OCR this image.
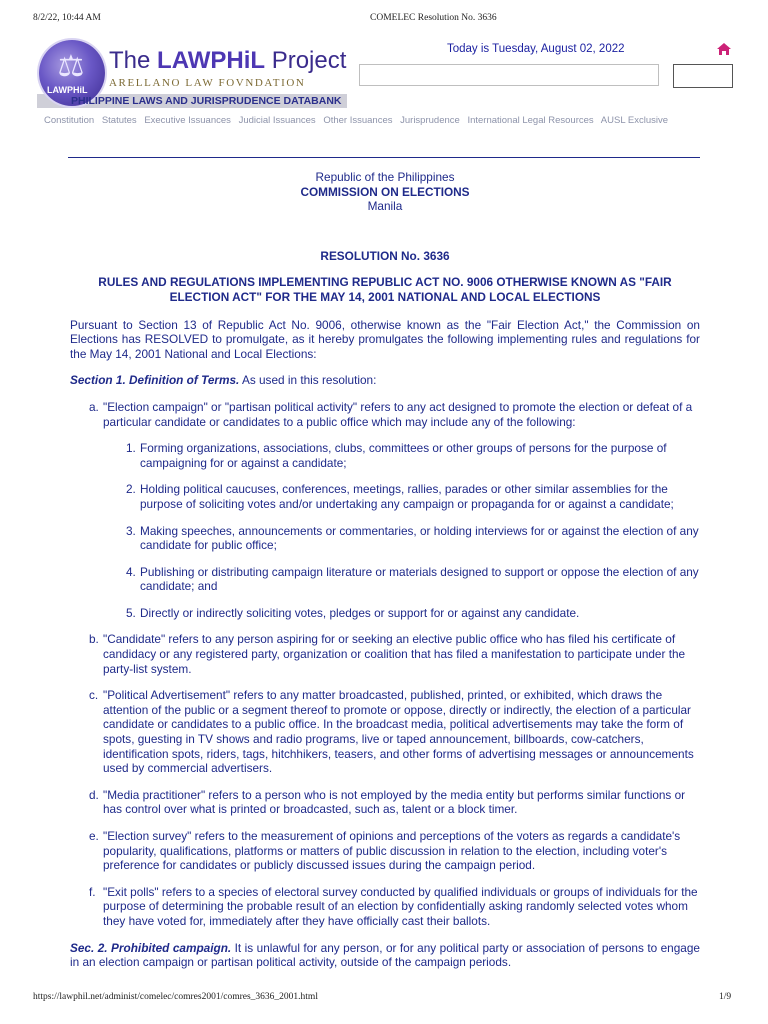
8/2/22, 10:44 AM	COMELEC Resolution No. 3636
⚖
LAWPHiL
The LAWPHiL Project
ARELLANO LAW FOVNDATION
PHILIPPINE LAWS AND JURISPRUDENCE DATABANK
Today is Tuesday, August 02, 2022
Constitution Statutes Executive Issuances Judicial Issuances Other Issuances Jurisprudence International Legal Resources AUSL Exclusive
Republic of the Philippines
COMMISSION ON ELECTIONS
Manila
RESOLUTION No. 3636
RULES AND REGULATIONS IMPLEMENTING REPUBLIC ACT NO. 9006 OTHERWISE KNOWN AS "FAIR ELECTION ACT" FOR THE MAY 14, 2001 NATIONAL AND LOCAL ELECTIONS
Pursuant to Section 13 of Republic Act No. 9006, otherwise known as the "Fair Election Act," the Commission on Elections has RESOLVED to promulgate, as it hereby promulgates the following implementing rules and regulations for the May 14, 2001 National and Local Elections:
Section 1. Definition of Terms. As used in this resolution:
a. "Election campaign" or "partisan political activity" refers to any act designed to promote the election or defeat of a particular candidate or candidates to a public office which may include any of the following:
1. Forming organizations, associations, clubs, committees or other groups of persons for the purpose of campaigning for or against a candidate;
2. Holding political caucuses, conferences, meetings, rallies, parades or other similar assemblies for the purpose of soliciting votes and/or undertaking any campaign or propaganda for or against a candidate;
3. Making speeches, announcements or commentaries, or holding interviews for or against the election of any candidate for public office;
4. Publishing or distributing campaign literature or materials designed to support or oppose the election of any candidate; and
5. Directly or indirectly soliciting votes, pledges or support for or against any candidate.
b. "Candidate" refers to any person aspiring for or seeking an elective public office who has filed his certificate of candidacy or any registered party, organization or coalition that has filed a manifestation to participate under the party-list system.
c. "Political Advertisement" refers to any matter broadcasted, published, printed, or exhibited, which draws the attention of the public or a segment thereof to promote or oppose, directly or indirectly, the election of a particular candidate or candidates to a public office. In the broadcast media, political advertisements may take the form of spots, guesting in TV shows and radio programs, live or taped announcement, billboards, cow-catchers, identification spots, riders, tags, hitchhikers, teasers, and other forms of advertising messages or announcements used by commercial advertisers.
d. "Media practitioner" refers to a person who is not employed by the media entity but performs similar functions or has control over what is printed or broadcasted, such as, talent or a block timer.
e. "Election survey" refers to the measurement of opinions and perceptions of the voters as regards a candidate's popularity, qualifications, platforms or matters of public discussion in relation to the election, including voter's preference for candidates or publicly discussed issues during the campaign period.
f. "Exit polls" refers to a species of electoral survey conducted by qualified individuals or groups of individuals for the purpose of determining the probable result of an election by confidentially asking randomly selected votes whom they have voted for, immediately after they have officially cast their ballots.
Sec. 2. Prohibited campaign. It is unlawful for any person, or for any political party or association of persons to engage in an election campaign or partisan political activity, outside of the campaign periods.
https://lawphil.net/administ/comelec/comres2001/comres_3636_2001.html	1/9
